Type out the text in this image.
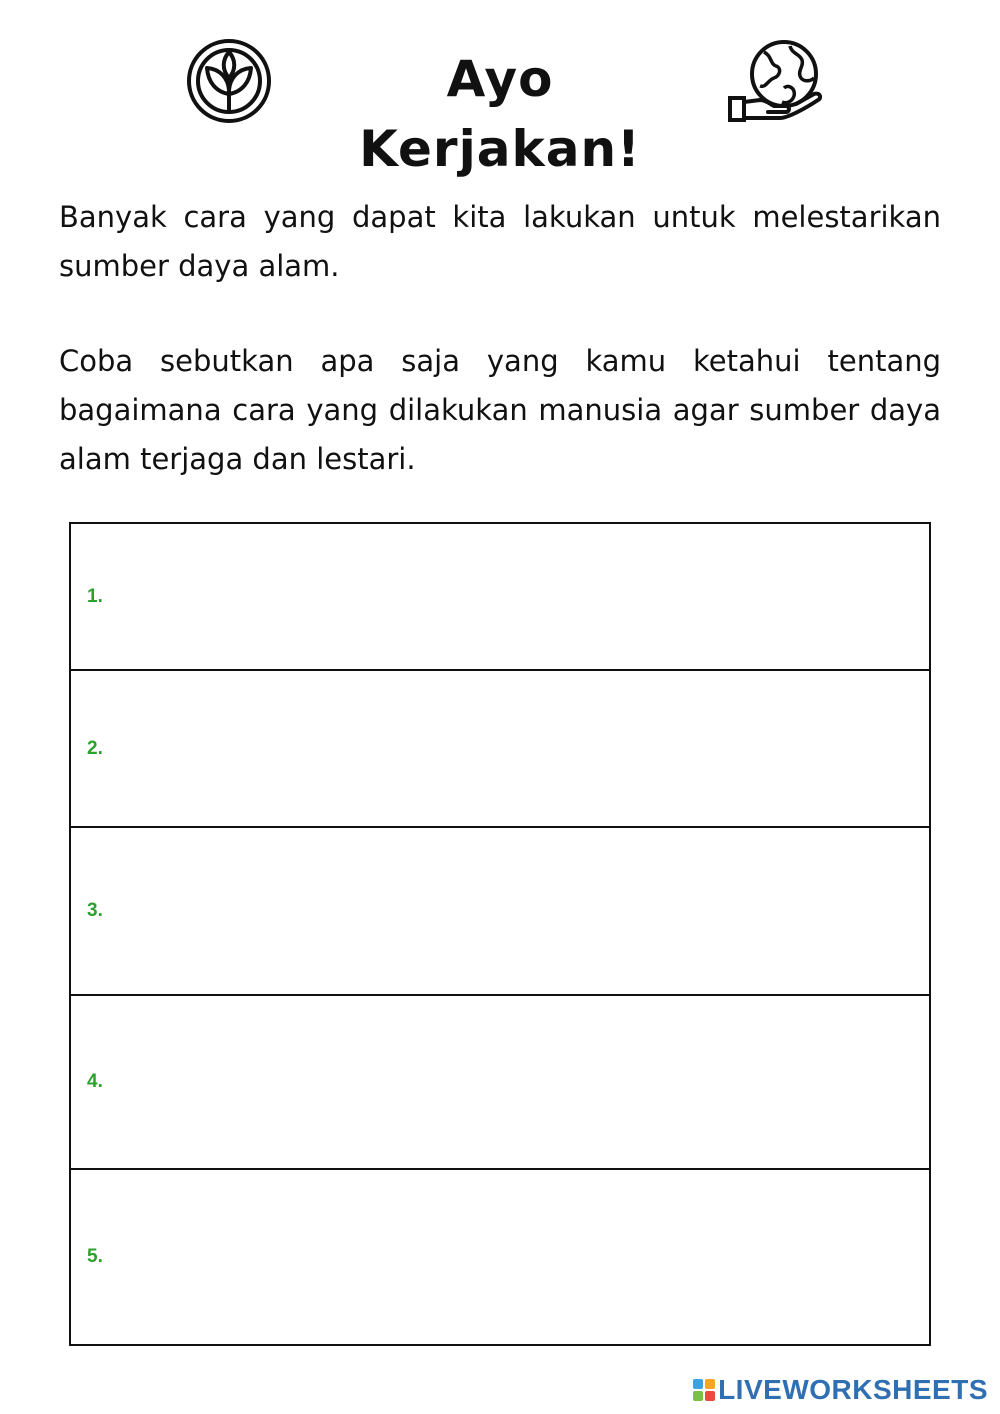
Ayo Kerjakan!
Banyak cara yang dapat kita lakukan untuk melestarikan sumber daya alam.
Coba sebutkan apa saja yang kamu ketahui tentang bagaimana cara yang dilakukan manusia agar sumber daya alam terjaga dan lestari.
1.
2.
3.
4.
5.
LIVEWORKSHEETS
